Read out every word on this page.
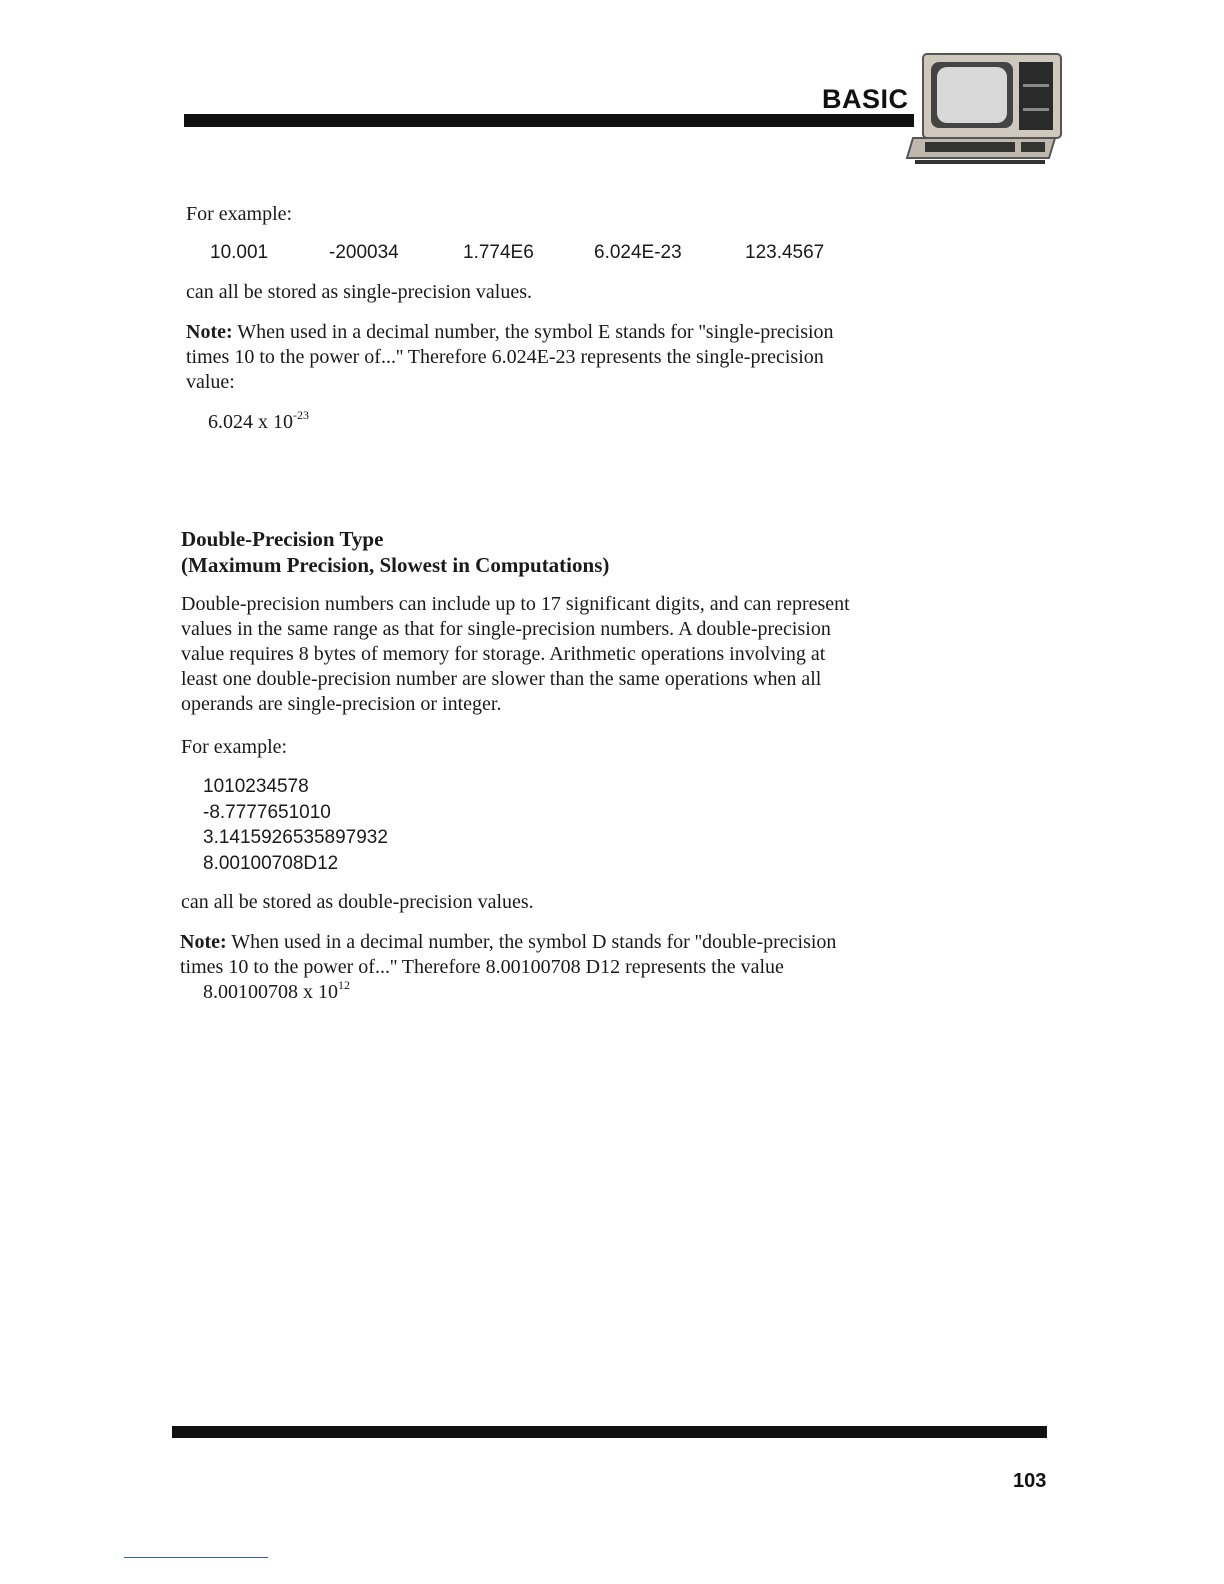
BASIC
For example:
10.001	-200034	1.774E6	6.024E-23	123.4567
can all be stored as single-precision values.
Note: When used in a decimal number, the symbol E stands for ''single-precision
times 10 to the power of...'' Therefore 6.024E-23 represents the single-precision
value:
6.024 x $10^{-23}$
Double-Precision Type
(Maximum Precision, Slowest in Computations)
Double-precision numbers can include up to 17 significant digits, and can represent
values in the same range as that for single-precision numbers. A double-precision
value requires 8 bytes of memory for storage. Arithmetic operations involving at
least one double-precision number are slower than the same operations when all
operands are single-precision or integer.
For example:
1010234578
-8.7777651010
3.1415926535897932
8.00100708D12
can all be stored as double-precision values.
Note: When used in a decimal number, the symbol D stands for ''double-precision
times 10 to the power of...'' Therefore 8.00100708 D12 represents the value
8.00100708 x $10^{12}$
103
